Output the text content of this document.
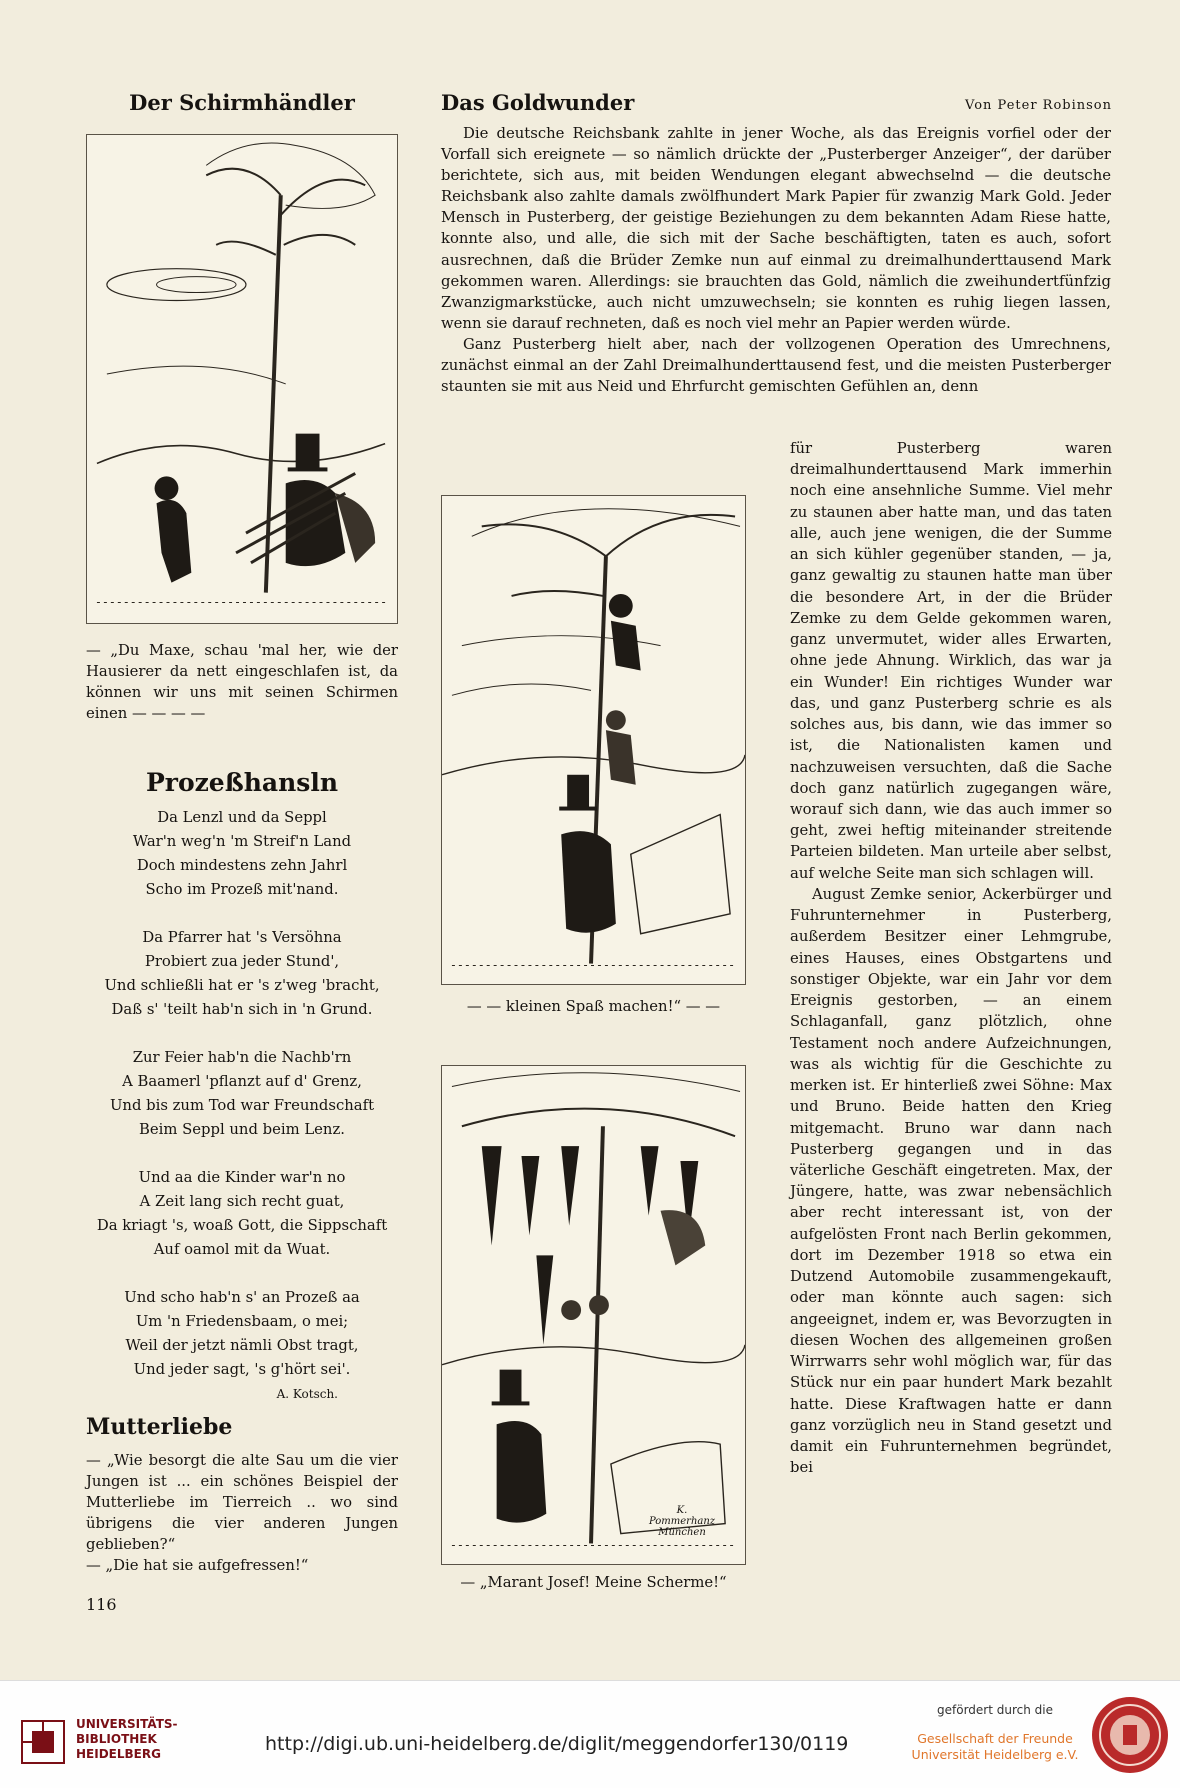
Der Schirmhändler
— „Du Maxe, schau 'mal her, wie der Hausierer da nett eingeschlafen ist, da können wir uns mit seinen Schirmen einen — — — —
Prozeßhansln
Da Lenzl und da Seppl
War'n weg'n 'm Streif'n Land
Doch mindestens zehn Jahrl
Scho im Prozeß mit'nand.
Da Pfarrer hat 's Versöhna
Probiert zua jeder Stund',
Und schließli hat er 's z'weg 'bracht,
Daß s' 'teilt hab'n sich in 'n Grund.
Zur Feier hab'n die Nachb'rn
A Baamerl 'pflanzt auf d' Grenz,
Und bis zum Tod war Freundschaft
Beim Seppl und beim Lenz.
Und aa die Kinder war'n no
A Zeit lang sich recht guat,
Da kriagt 's, woaß Gott, die Sippschaft
Auf oamol mit da Wuat.
Und scho hab'n s' an Prozeß aa
Um 'n Friedensbaam, o mei;
Weil der jetzt nämli Obst tragt,
Und jeder sagt, 's g'hört sei'.
A. Kotsch.
Mutterliebe

— „Wie besorgt die alte Sau um die vier Jungen ist ... ein schönes Beispiel der Mutterliebe im Tierreich .. wo sind übrigens die vier anderen Jungen geblieben?“

— „Die hat sie aufgefressen!“

116
Das Goldwunder	Von Peter Robinson

Die deutsche Reichsbank zahlte in jener Woche, als das Ereignis vorfiel oder der Vorfall sich ereignete — so nämlich drückte der „Pusterberger Anzeiger“, der darüber berichtete, sich aus, mit beiden Wendungen elegant abwechselnd — die deutsche Reichsbank also zahlte damals zwölfhundert Mark Papier für zwanzig Mark Gold. Jeder Mensch in Pusterberg, der geistige Beziehungen zu dem bekannten Adam Riese hatte, konnte also, und alle, die sich mit der Sache beschäftigten, taten es auch, sofort ausrechnen, daß die Brüder Zemke nun auf einmal zu dreimalhunderttausend Mark gekommen waren. Allerdings: sie brauchten das Gold, nämlich die zweihundertfünfzig Zwanzigmarkstücke, auch nicht umzuwechseln; sie konnten es ruhig liegen lassen, wenn sie darauf rechneten, daß es noch viel mehr an Papier werden würde.

Ganz Pusterberg hielt aber, nach der vollzogenen Operation des Umrechnens, zunächst einmal an der Zahl Dreimalhunderttausend fest, und die meisten Pusterberger staunten sie mit aus Neid und Ehrfurcht gemischten Gefühlen an, denn

— — kleinen Spaß machen!“ — —
K. Pommerhanz München
— „Marant Josef! Meine Scherme!“

für Pusterberg waren dreimalhunderttausend Mark immerhin noch eine ansehnliche Summe. Viel mehr zu staunen aber hatte man, und das taten alle, auch jene wenigen, die der Summe an sich kühler gegenüber standen, — ja, ganz gewaltig zu staunen hatte man über die besondere Art, in der die Brüder Zemke zu dem Gelde gekommen waren, ganz unvermutet, wider alles Erwarten, ohne jede Ahnung. Wirklich, das war ja ein Wunder! Ein richtiges Wunder war das, und ganz Pusterberg schrie es als solches aus, bis dann, wie das immer so ist, die Nationalisten kamen und nachzuweisen versuchten, daß die Sache doch ganz natürlich zugegangen wäre, worauf sich dann, wie das auch immer so geht, zwei heftig miteinander streitende Parteien bildeten. Man urteile aber selbst, auf welche Seite man sich schlagen will.

August Zemke senior, Ackerbürger und Fuhrunternehmer in Pusterberg, außerdem Besitzer einer Lehmgrube, eines Hauses, eines Obstgartens und sonstiger Objekte, war ein Jahr vor dem Ereignis gestorben, — an einem Schlaganfall, ganz plötzlich, ohne Testament noch andere Aufzeichnungen, was als wichtig für die Geschichte zu merken ist. Er hinterließ zwei Söhne: Max und Bruno. Beide hatten den Krieg mitgemacht. Bruno war dann nach Pusterberg gegangen und in das väterliche Geschäft eingetreten. Max, der Jüngere, hatte, was zwar nebensächlich aber recht interessant ist, von der aufgelösten Front nach Berlin gekommen, dort im Dezember 1918 so etwa ein Dutzend Automobile zusammengekauft, oder man könnte auch sagen: sich angeeignet, indem er, was Bevorzugten in diesen Wochen des allgemeinen großen Wirrwarrs sehr wohl möglich war, für das Stück nur ein paar hundert Mark bezahlt hatte. Diese Kraftwagen hatte er dann ganz vorzüglich neu in Stand gesetzt und damit ein Fuhrunternehmen begründet, bei

UNIVERSITÄTS-
BIBLIOTHEK
HEIDELBERG	http://digi.ub.uni-heidelberg.de/diglit/meggendorfer130/0119
gefördert durch die
Gesellschaft der Freunde
Universität Heidelberg e.V.
